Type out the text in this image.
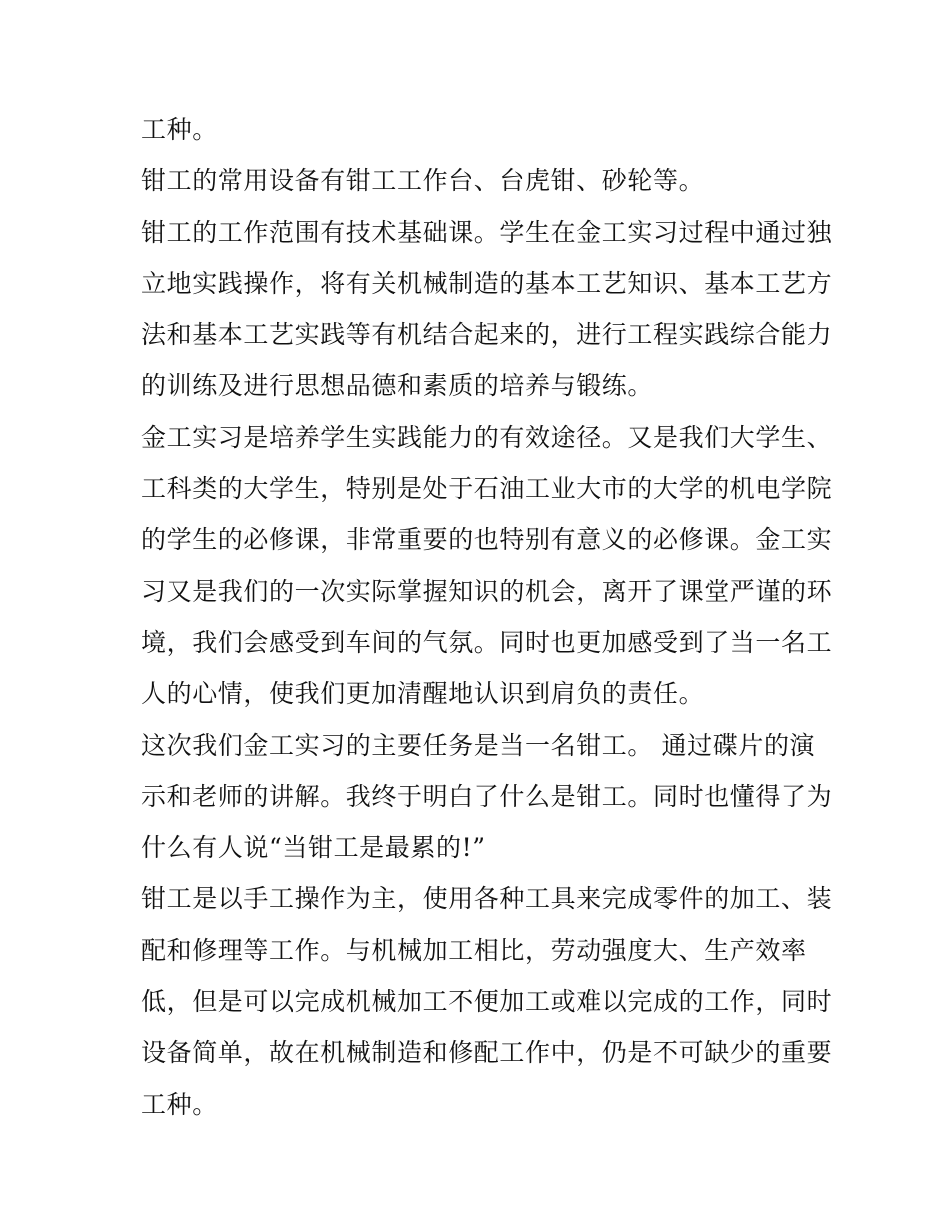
工种。
钳工的常用设备有钳工工作台、台虎钳、砂轮等。
钳工的工作范围有技术基础课。学生在金工实习过程中通过独
立地实践操作，将有关机械制造的基本工艺知识、基本工艺方
法和基本工艺实践等有机结合起来的，进行工程实践综合能力
的训练及进行思想品德和素质的培养与锻练。
金工实习是培养学生实践能力的有效途径。又是我们大学生、
工科类的大学生，特别是处于石油工业大市的大学的机电学院
的学生的必修课，非常重要的也特别有意义的必修课。金工实
习又是我们的一次实际掌握知识的机会，离开了课堂严谨的环
境，我们会感受到车间的气氛。同时也更加感受到了当一名工
人的心情，使我们更加清醒地认识到肩负的责任。
这次我们金工实习的主要任务是当一名钳工。 通过碟片的演
示和老师的讲解。我终于明白了什么是钳工。同时也懂得了为
什么有人说“当钳工是最累的!”
钳工是以手工操作为主，使用各种工具来完成零件的加工、装
配和修理等工作。与机械加工相比，劳动强度大、生产效率
低，但是可以完成机械加工不便加工或难以完成的工作，同时
设备简单，故在机械制造和修配工作中，仍是不可缺少的重要
工种。
